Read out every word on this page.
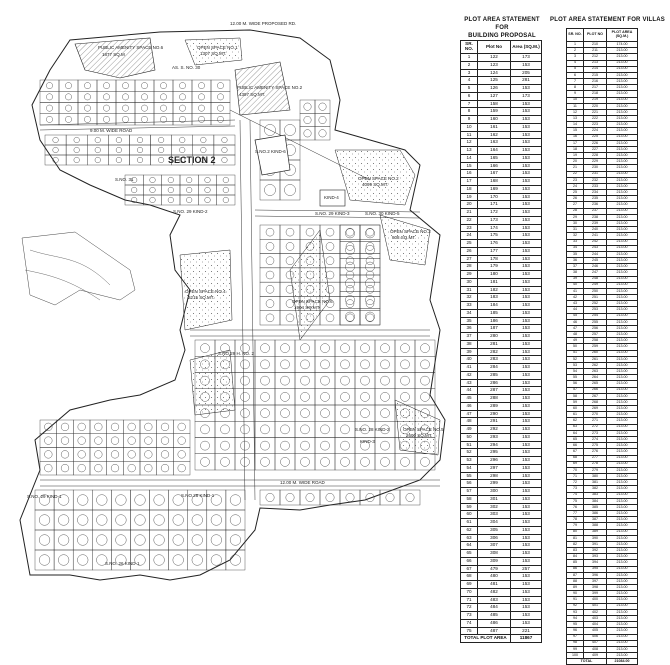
SECTION 2
PUBLIC AMENITY SPACE NO.6
1877 SQ.M
PUBLIC AMENITY SPACE NO.2
4397 SQ.MT.
OPEN SPACE NO.1
1307 SQ.MT.
OPEN SPACE NO.2
4099 SQ.MT.
OPEN SPACE NO.3
808 SQ.MT.
OPEN SPACE NO.4
2215 SQ.MT.
OPEN SPACE NO.5
2600 SQ.MT.
OPEN SPACE NO.6
1904 SQ.MT.
S.NO. 29 KIND-2	S.NO. 29 KIND-3
S.NO.2 KIND-6
S.NO. 30 KIND-5
S.NO.29 H. NO. 2
S.NO. 28 KIND-2
S.NO. 29 KIND-1	S.NO.28 KIND-1
S.NO. 26 KIND-1
KIND-4
S.NO. 31
KIND-3
12.00 M. WIDE PROPOSED RD.
9.00 M. WIDE ROAD
12.00 M. WIDE ROAD
AS. S. NO. 30
PLOT AREA STATEMENT FOR
BUILDING PROPOSAL
SR. NO.	Plot No	Area (SQ.M.)
1	122	173
2	123	153
3	124	205
4	125	281
5	126	153
6	127	173
7	158	153
8	159	153
9	160	153
10	161	153
11	162	153
12	163	153
13	164	153
14	165	153
15	166	153
16	167	153
17	168	153
18	169	153
19	170	153
20	171	153
21	172	153
22	173	153
23	174	153
24	175	153
25	176	153
26	177	153
27	178	153
28	179	153
29	180	153
30	181	153
31	182	153
32	183	153
33	184	153
34	185	153
35	186	153
36	187	153
37	280	153
38	281	153
39	282	153
40	283	153
41	284	153
42	285	153
43	286	153
44	287	153
45	288	153
46	289	153
47	290	153
48	291	153
49	292	153
50	293	153
51	294	153
52	295	153
53	296	153
54	297	153
55	298	153
56	299	153
57	300	153
58	301	153
59	302	153
60	303	153
61	304	153
62	305	153
63	306	153
64	307	153
65	308	153
66	309	153
67	479	257
68	480	153
69	481	153
70	482	153
71	483	153
72	484	153
73	485	153
74	486	153
75	487	221
TOTAL PLOT AREA		11867
PLOT AREA STATEMENT FOR VILLAS
SR. NO.	PLOT NO	PLOT AREA (SQ.M.)
1	210	174.00
2	211	213.00
3	212	213.00
4	213	213.00
5	214	213.00
6	215	213.00
7	216	213.00
8	217	213.00
9	218	213.00
10	219	213.00
11	220	213.00
12	221	213.00
13	222	213.00
14	223	213.00
15	224	213.00
16	225	213.00
17	226	213.00
18	227	213.00
19	228	213.00
20	229	213.00
21	230	213.00
22	231	213.00
23	232	213.00
24	233	213.00
25	234	213.00
26	235	213.00
27	236	213.00
28	237	213.00
29	238	213.00
30	239	213.00
31	240	213.00
32	241	213.00
33	242	213.00
34	243	213.00
35	244	213.00
36	245	213.00
37	246	213.00
38	247	213.00
39	248	213.00
40	249	213.00
41	250	213.00
42	251	213.00
43	252	213.00
44	253	213.00
45	254	213.00
46	255	213.00
47	256	213.00
48	257	213.00
49	258	213.00
50	259	213.00
51	260	213.00
52	261	213.00
53	262	213.00
54	263	213.00
55	264	213.00
56	265	213.00
57	266	213.00
58	267	213.00
59	268	213.00
60	269	213.00
61	270	213.00
62	271	213.00
63	272	213.00
64	273	213.00
65	274	213.00
66	275	213.00
67	276	213.00
68	277	213.00
69	278	213.00
70	279	213.00
71	380	213.00
72	381	213.00
73	382	213.00
74	383	213.00
75	384	213.00
76	385	213.00
77	386	213.00
78	387	213.00
79	388	213.00
80	389	213.00
81	390	213.00
82	391	213.00
83	392	213.00
84	393	213.00
85	394	213.00
86	395	213.00
87	396	213.00
88	397	213.00
89	398	213.00
90	399	213.00
91	400	213.00
92	401	213.00
93	402	213.00
94	403	213.00
95	404	213.00
96	405	213.00
97	406	213.00
98	407	213.00
99	408	213.00
100	409	213.00
TOTAL		21084.00
